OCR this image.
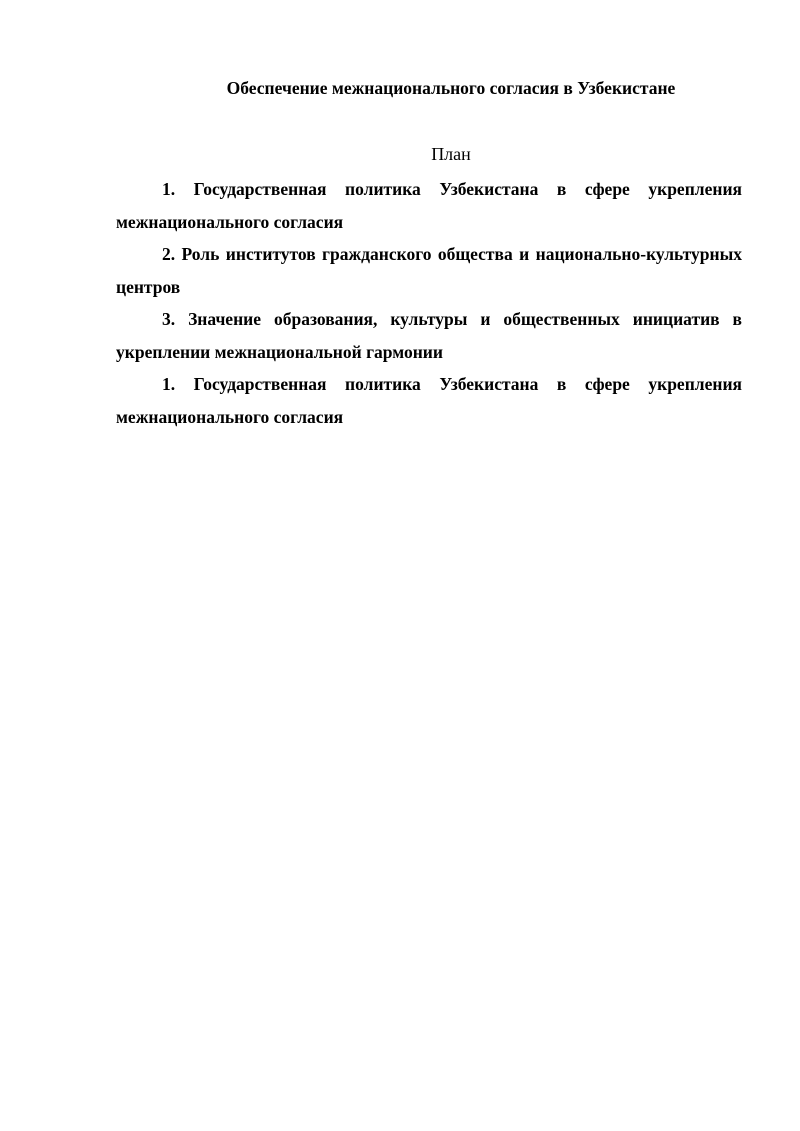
Обеспечение межнационального согласия в Узбекистане
План
1. Государственная политика Узбекистана в сфере укрепления межнационального согласия
2. Роль институтов гражданского общества и национально-культурных центров
3. Значение образования, культуры и общественных инициатив в укреплении межнациональной гармонии
1. Государственная политика Узбекистана в сфере укрепления межнационального согласия
